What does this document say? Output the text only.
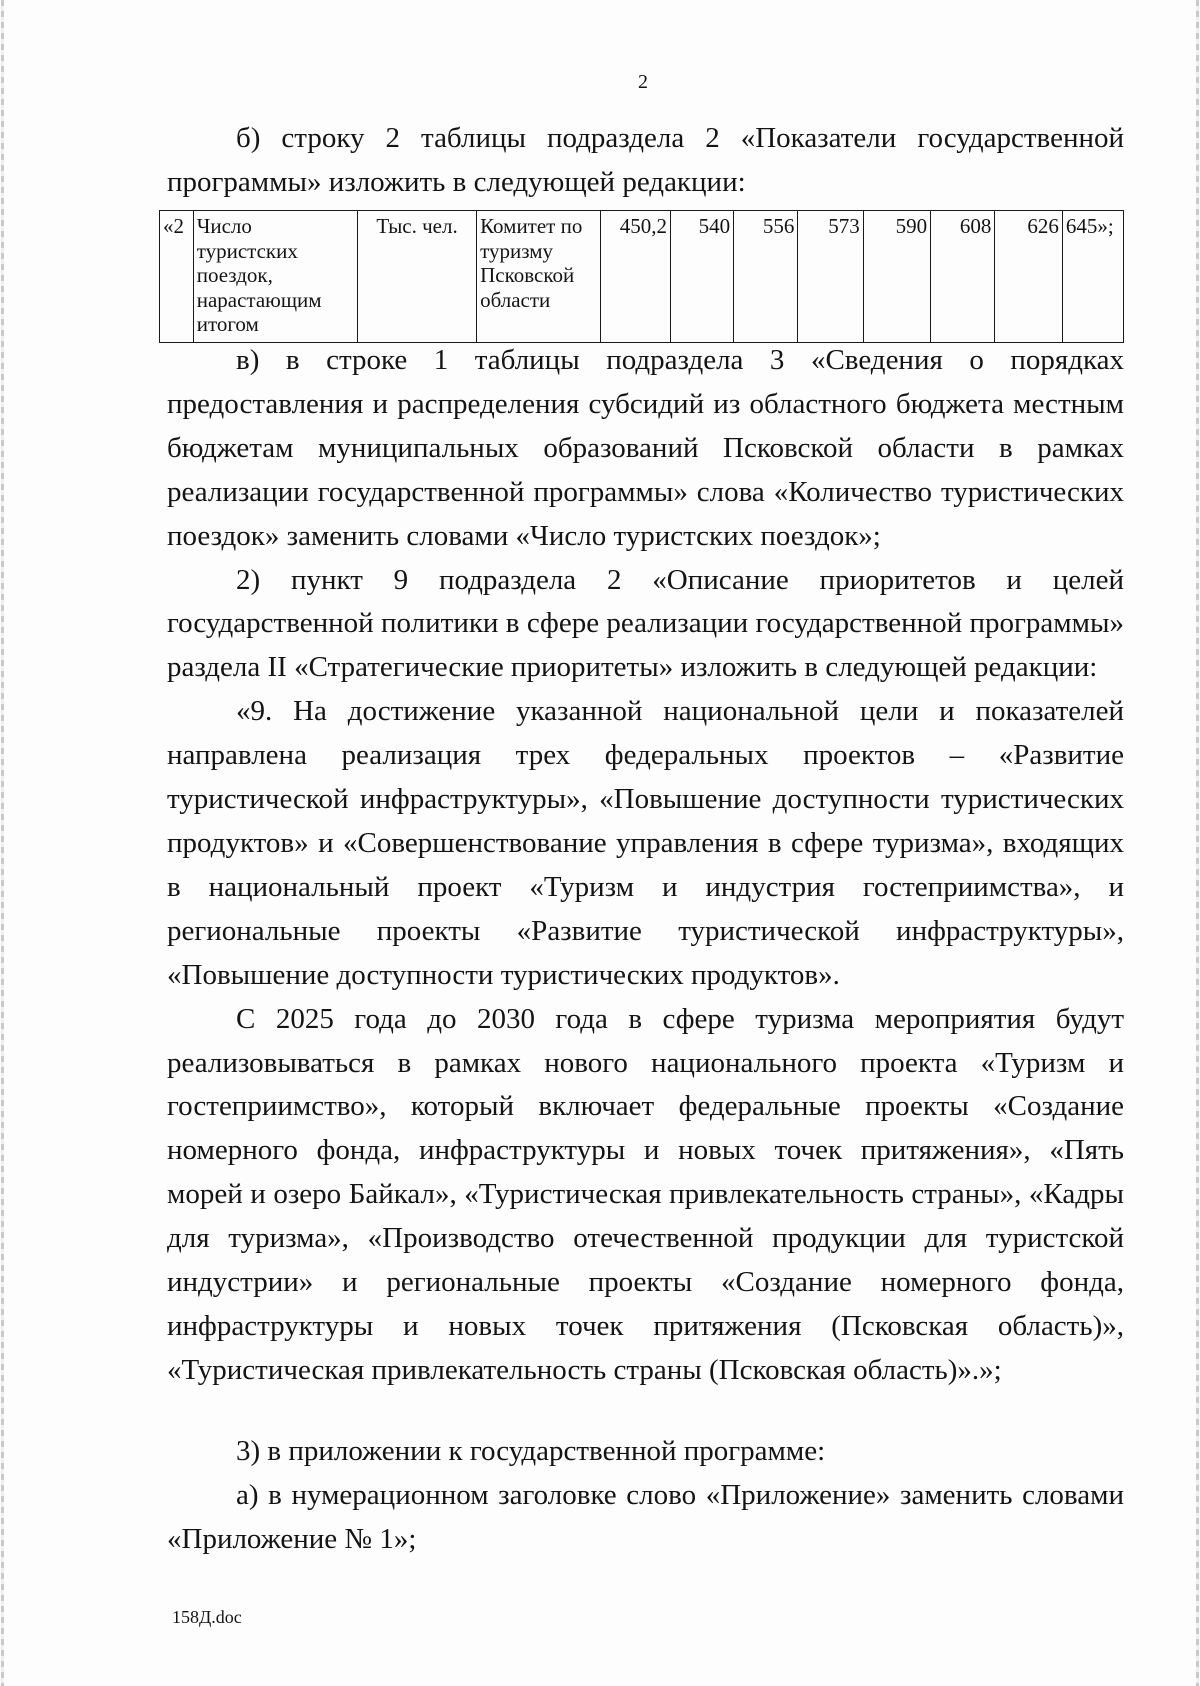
2

б) строку 2 таблицы подраздела 2 «Показатели государственной программы» изложить в следующей редакции:

«2	Число туристских поездок, нарастающим итогом	Тыс. чел.	Комитет по туризму Псковской области	450,2	540	556	573	590	608	626	645»;

в) в строке 1 таблицы подраздела 3 «Сведения о порядках предоставления и распределения субсидий из областного бюджета местным бюджетам муниципальных образований Псковской области в рамках реализации государственной программы» слова «Количество туристических поездок» заменить словами «Число туристских поездок»;

2) пункт 9 подраздела 2 «Описание приоритетов и целей государственной политики в сфере реализации государственной программы» раздела II «Стратегические приоритеты» изложить в следующей редакции:

«9. На достижение указанной национальной цели и показателей направлена реализация трех федеральных проектов – «Развитие туристической инфраструктуры», «Повышение доступности туристических продуктов» и «Совершенствование управления в сфере туризма», входящих в национальный проект «Туризм и индустрия гостеприимства», и региональные проекты «Развитие туристической инфраструктуры», «Повышение доступности туристических продуктов».

С 2025 года до 2030 года в сфере туризма мероприятия будут реализовываться в рамках нового национального проекта «Туризм и гостеприимство», который включает федеральные проекты «Создание номерного фонда, инфраструктуры и новых точек притяжения», «Пять морей и озеро Байкал», «Туристическая привлекательность страны», «Кадры для туризма», «Производство отечественной продукции для туристской индустрии» и региональные проекты «Создание номерного фонда, инфраструктуры и новых точек притяжения (Псковская область)», «Туристическая привлекательность страны (Псковская область)».»;

3) в приложении к государственной программе:

а) в нумерационном заголовке слово «Приложение» заменить словами «Приложение № 1»;

158Д.doc
